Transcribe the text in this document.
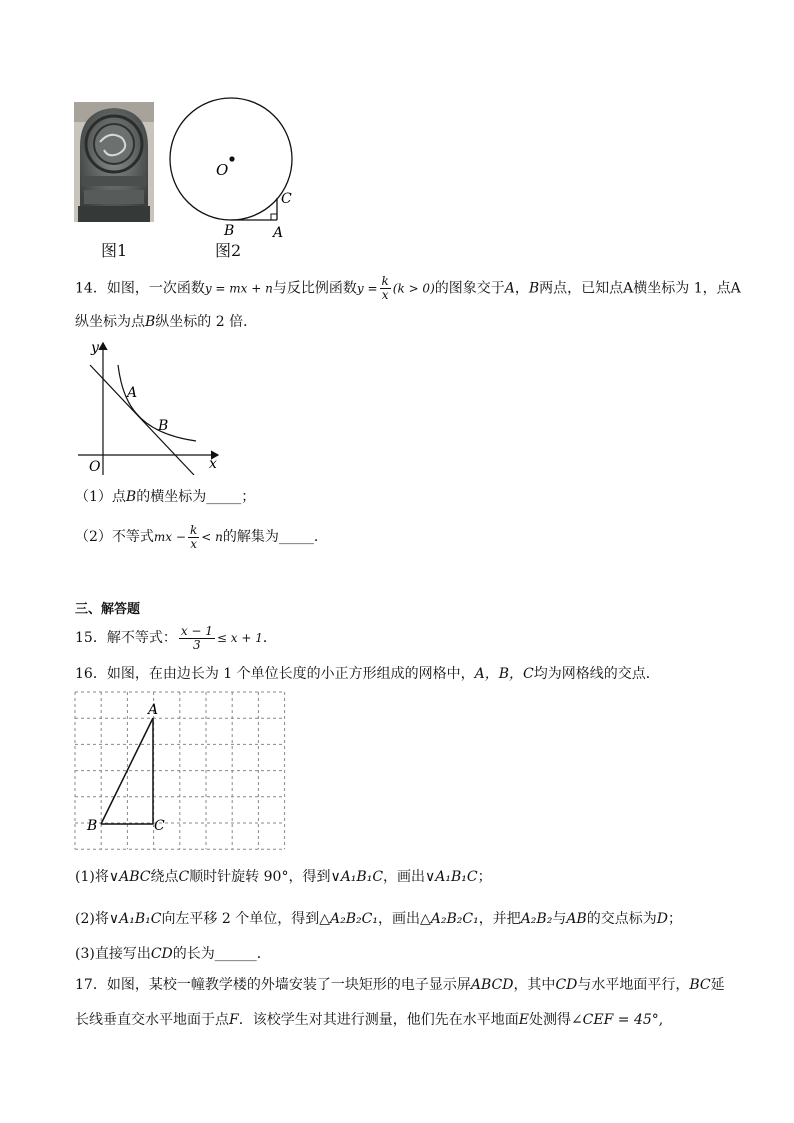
图1
O
C
A
B
图2
14．如图，一次函数y = mx + n与反比例函数$y = \frac{k}{x} (k > 0)$的图象交于A，B两点，已知点A横坐标为 1，点A
纵坐标为点B纵坐标的 2 倍．
y
x
O
A
B
（1）点B的横坐标为_____；
（2）不等式mx − $\frac{k}{x} < n$的解集为_____．
三、解答题
15．解不等式： $\frac{x - 1}{3} \le x + 1$．
16．如图，在由边长为 1 个单位长度的小正方形组成的网格中，A，B，C均为网格线的交点．
A
B	C
(1)将∨ABC绕点C顺时针旋转 90°，得到∨A₁B₁C，画出∨A₁B₁C；
(2)将∨A₁B₁C向左平移 2 个单位，得到△A₂B₂C₁，画出△A₂B₂C₁，并把A₂B₂与AB的交点标为D；
(3)直接写出CD的长为______．
17．如图，某校一幢教学楼的外墙安装了一块矩形的电子显示屏ABCD，其中CD与水平地面平行，BC延
长线垂直交水平地面于点F．该校学生对其进行测量，他们先在水平地面E处测得∠CEF = 45°,
